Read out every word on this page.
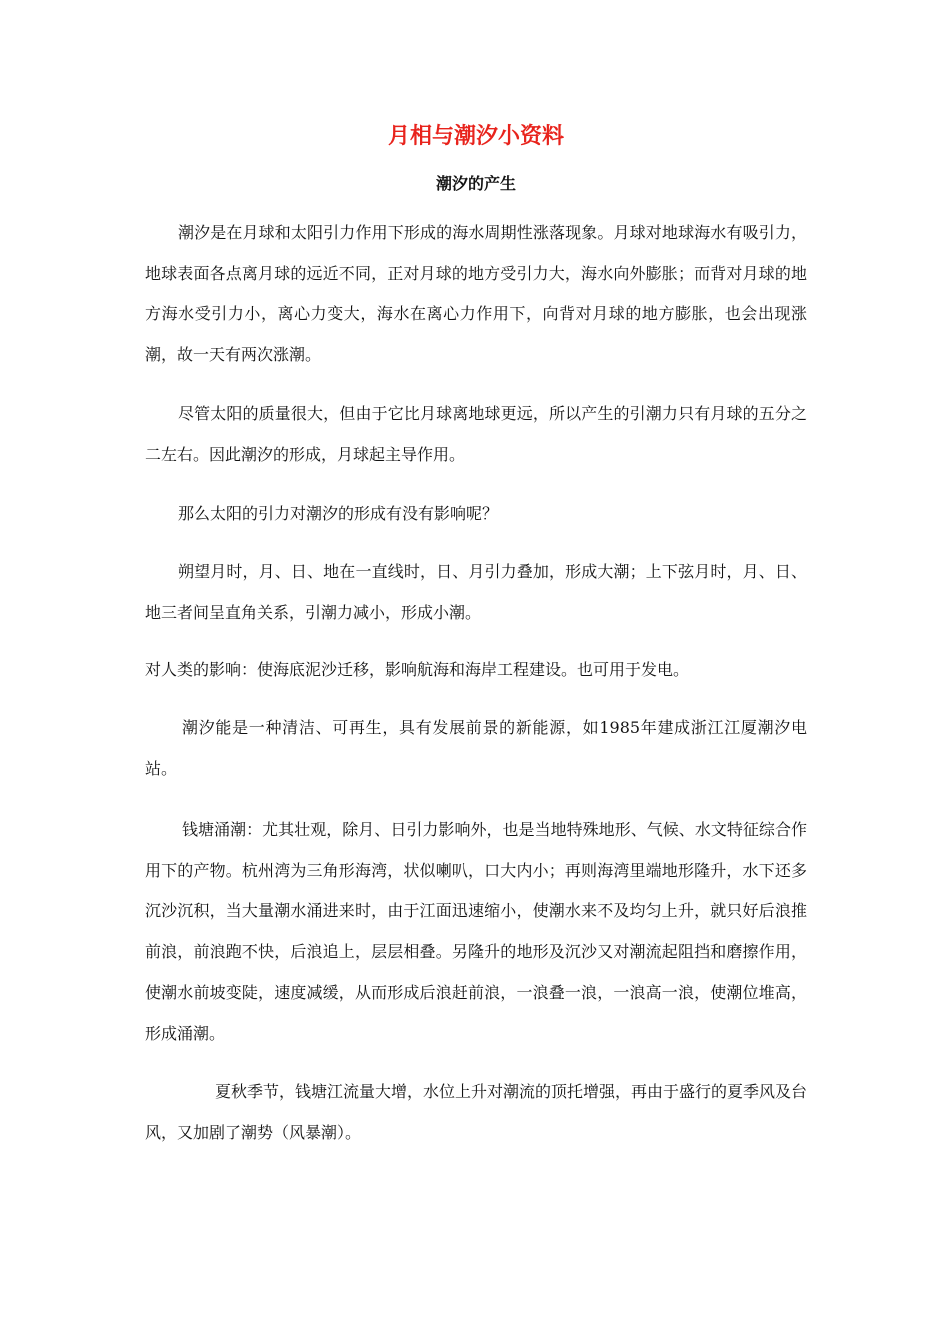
月相与潮汐小资料
潮汐的产生

潮汐是在月球和太阳引力作用下形成的海水周期性涨落现象。月球对地球海水有吸引力，地球表面各点离月球的远近不同，正对月球的地方受引力大，海水向外膨胀；而背对月球的地方海水受引力小，离心力变大，海水在离心力作用下，向背对月球的地方膨胀，也会出现涨潮，故一天有两次涨潮。

尽管太阳的质量很大，但由于它比月球离地球更远，所以产生的引潮力只有月球的五分之二左右。因此潮汐的形成，月球起主导作用。

那么太阳的引力对潮汐的形成有没有影响呢？

朔望月时，月、日、地在一直线时，日、月引力叠加，形成大潮；上下弦月时，月、日、地三者间呈直角关系，引潮力减小，形成小潮。

对人类的影响：使海底泥沙迁移，影响航海和海岸工程建设。也可用于发电。

潮汐能是一种清洁、可再生，具有发展前景的新能源，如1985年建成浙江江厦潮汐电站。

钱塘涌潮：尤其壮观，除月、日引力影响外，也是当地特殊地形、气候、水文特征综合作用下的产物。杭州湾为三角形海湾，状似喇叭，口大内小；再则海湾里端地形隆升，水下还多沉沙沉积，当大量潮水涌进来时，由于江面迅速缩小，使潮水来不及均匀上升，就只好后浪推前浪，前浪跑不快，后浪追上，层层相叠。另隆升的地形及沉沙又对潮流起阻挡和磨擦作用，使潮水前坡变陡，速度减缓，从而形成后浪赶前浪，一浪叠一浪，一浪高一浪，使潮位堆高，形成涌潮。

夏秋季节，钱塘江流量大增，水位上升对潮流的顶托增强，再由于盛行的夏季风及台风，又加剧了潮势（风暴潮）。
